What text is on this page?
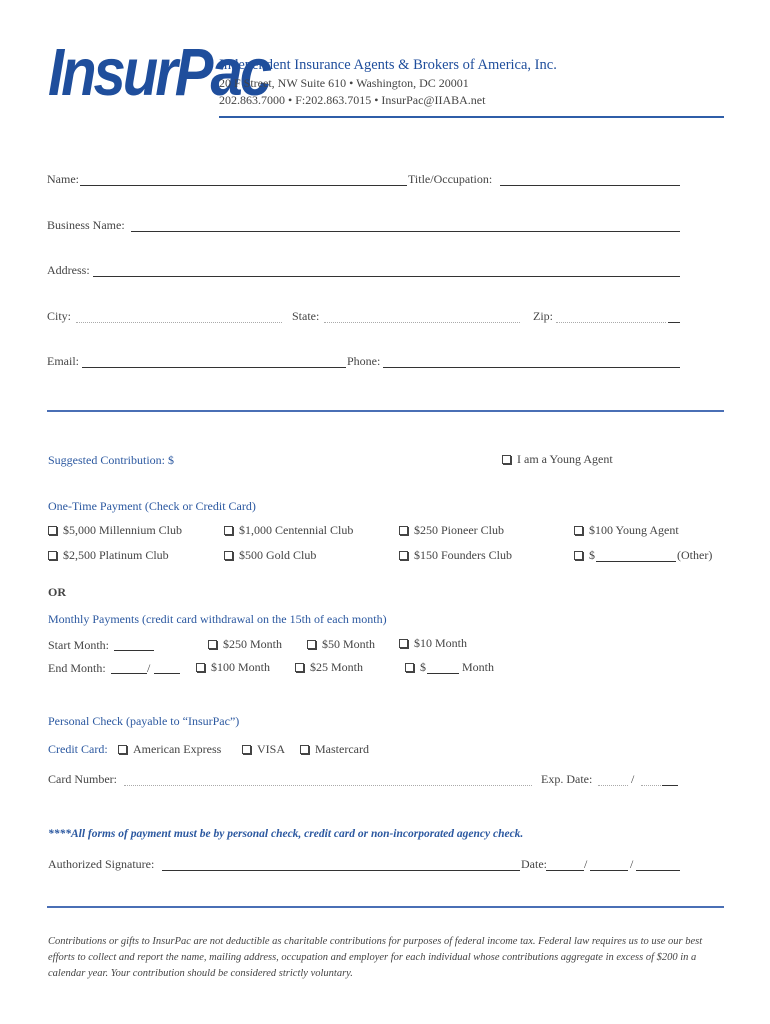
InsurPac
Independent Insurance Agents & Brokers of America, Inc.
20 F Street, NW Suite 610 • Washington, DC 20001
202.863.7000 • F:202.863.7015 • InsurPac@IIABA.net
Name:	Title/Occupation:
Business Name:
Address:
City:	State:	Zip:
Email:	Phone:
Suggested Contribution: $	I am a Young Agent
One-Time Payment (Check or Credit Card)
$5,000 Millennium Club	$1,000 Centennial Club	$250 Pioneer Club	$100 Young Agent
$2,500 Platinum Club	$500 Gold Club	$150 Founders Club	$	(Other)
OR
Monthly Payments (credit card withdrawal on the 15th of each month)
Start Month:	$250 Month	$50 Month	$10 Month
End Month:	/	$100 Month	$25 Month	$	Month
Personal Check (payable to “InsurPac”)
Credit Card:	American Express	VISA	Mastercard
Card Number:	Exp. Date:	/
****All forms of payment must be by personal check, credit card or non-incorporated agency check.
Authorized Signature:	Date:	/	/
Contributions or gifts to InsurPac are not deductible as charitable contributions for purposes of federal income tax. Federal law requires us to use our best efforts to collect and report the name, mailing address, occupation and employer for each individual whose contributions aggregate in excess of $200 in a calendar year. Your contribution should be considered strictly voluntary.
